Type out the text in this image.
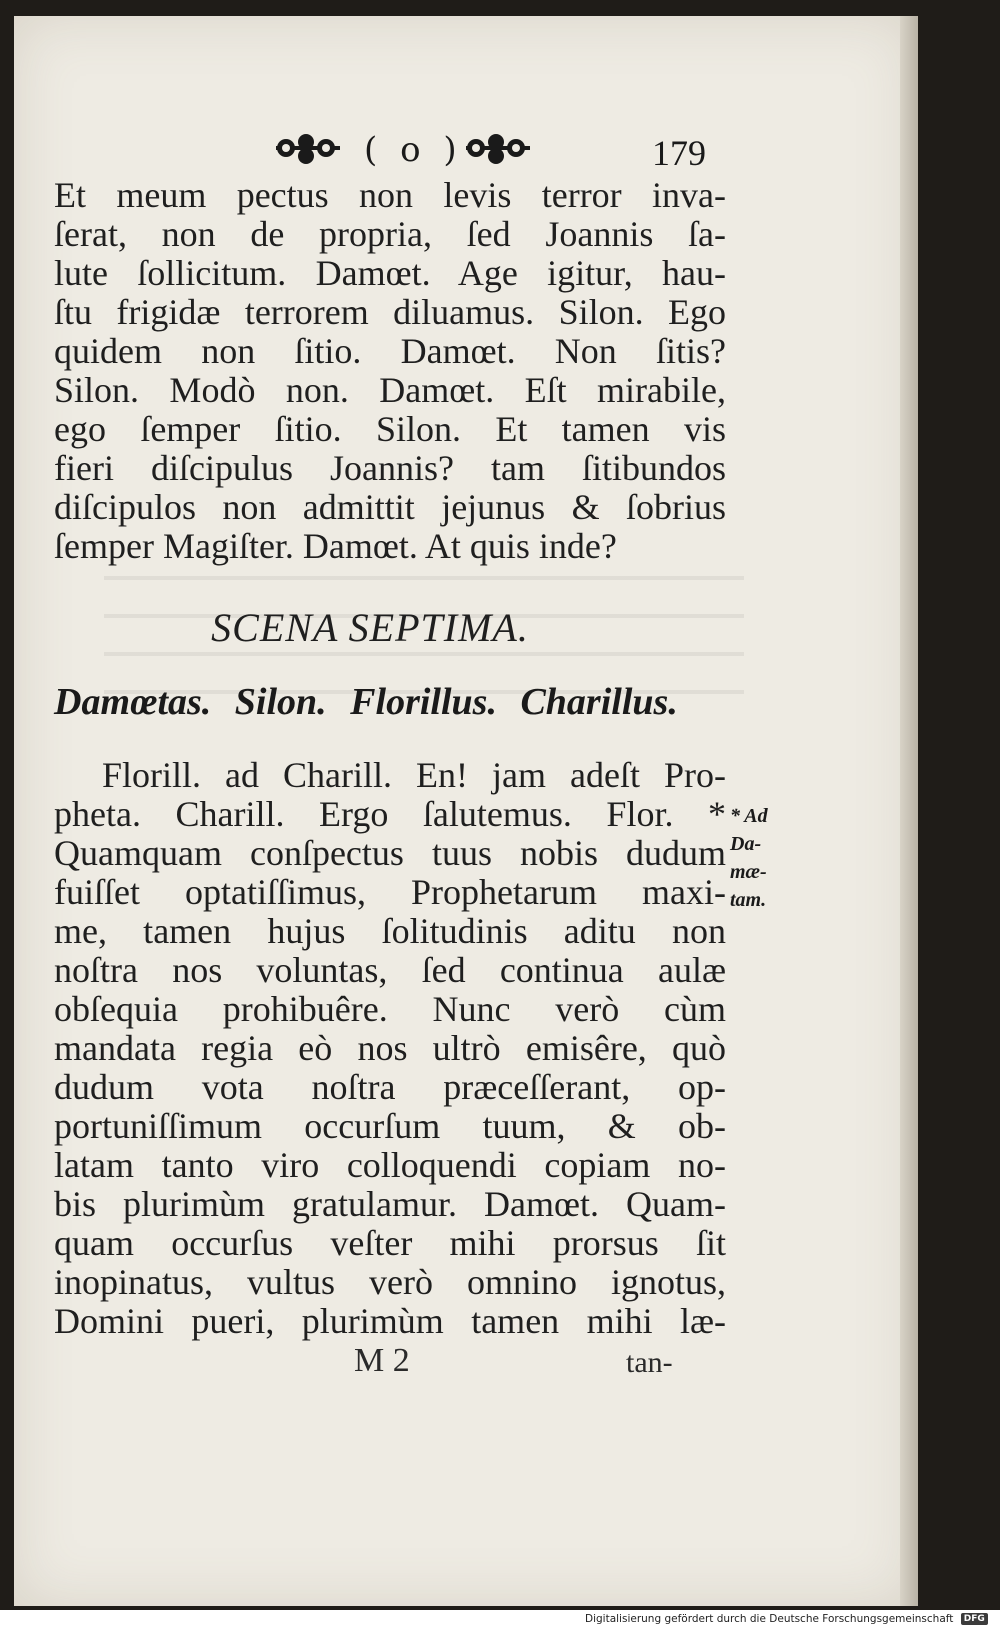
( o )	179
Et meum pectus non levis terror inva-
ſerat, non de propria, ſed Joannis ſa-
lute ſollicitum. Damœt. Age igitur, hau-
ſtu frigidæ terrorem diluamus. Silon. Ego
quidem non ſitio. Damœt. Non ſitis?
Silon. Modò non. Damœt. Eſt mirabile,
ego ſemper ſitio. Silon. Et tamen vis
fieri diſcipulus Joannis? tam ſitibundos
diſcipulos non admittit jejunus & ſobrius
ſemper Magiſter. Damœt. At quis inde?
SCENA SEPTIMA.
Damœtas. Silon. Florillus. Charillus.
Florill. ad Charill. En! jam adeſt Pro-
pheta. Charill. Ergo ſalutemus. Flor. *
Quamquam conſpectus tuus nobis dudum
fuiſſet optatiſſimus, Prophetarum maxi-
me, tamen hujus ſolitudinis aditu non
noſtra nos voluntas, ſed continua aulæ
obſequia prohibuêre. Nunc verò cùm
mandata regia eò nos ultrò emisêre, quò
dudum vota noſtra præceſſerant, op-
portuniſſimum occurſum tuum, & ob-
latam tanto viro colloquendi copiam no-
bis plurimùm gratulamur. Damœt. Quam-
quam occurſus veſter mihi prorsus ſit
inopinatus, vultus verò omnino ignotus,
Domini pueri, plurimùm tamen mihi læ-
* Ad
Da-
mæ-
tam.
M 2	tan-
Digitalisierung gefördert durch die Deutsche Forschungsgemeinschaft DFG
